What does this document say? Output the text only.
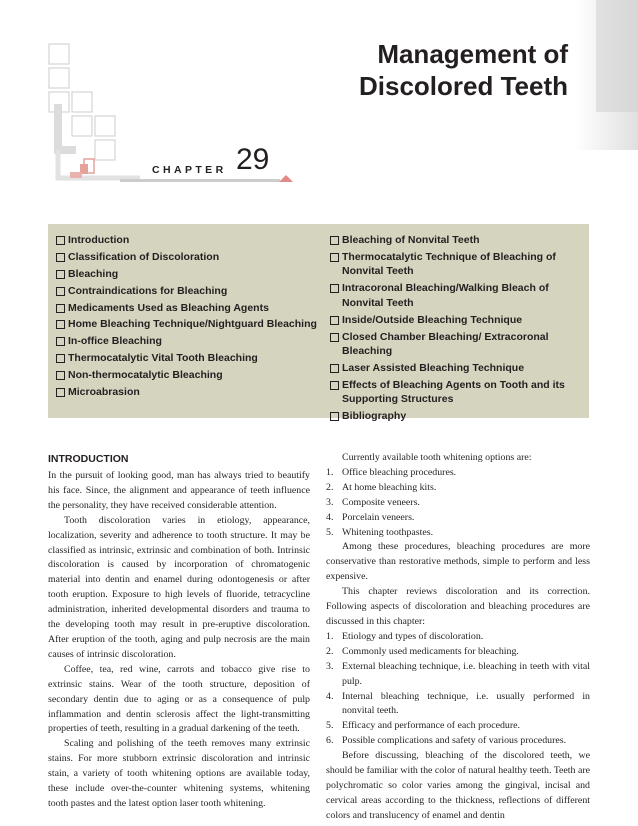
Management of
Discolored Teeth
CHAPTER 29
Introduction
Classification of Discoloration
Bleaching
Contraindications for Bleaching
Medicaments Used as Bleaching Agents
Home Bleaching Technique/Nightguard Bleaching
In-office Bleaching
Thermocatalytic Vital Tooth Bleaching
Non-thermocatalytic Bleaching
Microabrasion
Bleaching of Nonvital Teeth
Thermocatalytic Technique of Bleaching of Nonvital Teeth
Intracoronal Bleaching/Walking Bleach of Nonvital Teeth
Inside/Outside Bleaching Technique
Closed Chamber Bleaching/ Extracoronal Bleaching
Laser Assisted Bleaching Technique
Effects of Bleaching Agents on Tooth and its Supporting Structures
Bibliography
INTRODUCTION

In the pursuit of looking good, man has always tried to beautify his face. Since, the alignment and appearance of teeth influence the personality, they have received considerable attention.

Tooth discoloration varies in etiology, appearance, localization, severity and adherence to tooth structure. It may be classified as intrinsic, extrinsic and combination of both. Intrinsic discoloration is caused by incorporation of chromatogenic material into dentin and enamel during odontogenesis or after tooth eruption. Exposure to high levels of fluoride, tetracycline administration, inherited developmental disorders and trauma to the developing tooth may result in pre-eruptive discoloration. After eruption of the tooth, aging and pulp necrosis are the main causes of intrinsic discoloration.

Coffee, tea, red wine, carrots and tobacco give rise to extrinsic stains. Wear of the tooth structure, deposition of secondary dentin due to aging or as a consequence of pulp inflammation and dentin sclerosis affect the light-transmitting properties of teeth, resulting in a gradual darkening of the teeth.

Scaling and polishing of the teeth removes many extrinsic stains. For more stubborn extrinsic discoloration and intrinsic stain, a variety of tooth whitening options are available today, these include over-the-counter whitening systems, whitening tooth pastes and the latest option laser tooth whitening.

Currently available tooth whitening options are:

1. Office bleaching procedures.
2. At home bleaching kits.
3. Composite veneers.
4. Porcelain veneers.
5. Whitening toothpastes.

Among these procedures, bleaching procedures are more conservative than restorative methods, simple to perform and less expensive.

This chapter reviews discoloration and its correction. Following aspects of discoloration and bleaching procedures are discussed in this chapter:

1. Etiology and types of discoloration.
2. Commonly used medicaments for bleaching.
3. External bleaching technique, i.e. bleaching in teeth with vital pulp.
4. Internal bleaching technique, i.e. usually performed in nonvital teeth.
5. Efficacy and performance of each procedure.
6. Possible complications and safety of various procedures.

Before discussing, bleaching of the discolored teeth, we should be familiar with the color of natural healthy teeth. Teeth are polychromatic so color varies among the gingival, incisal and cervical areas according to the thickness, reflections of different colors and translucency of enamel and dentin
